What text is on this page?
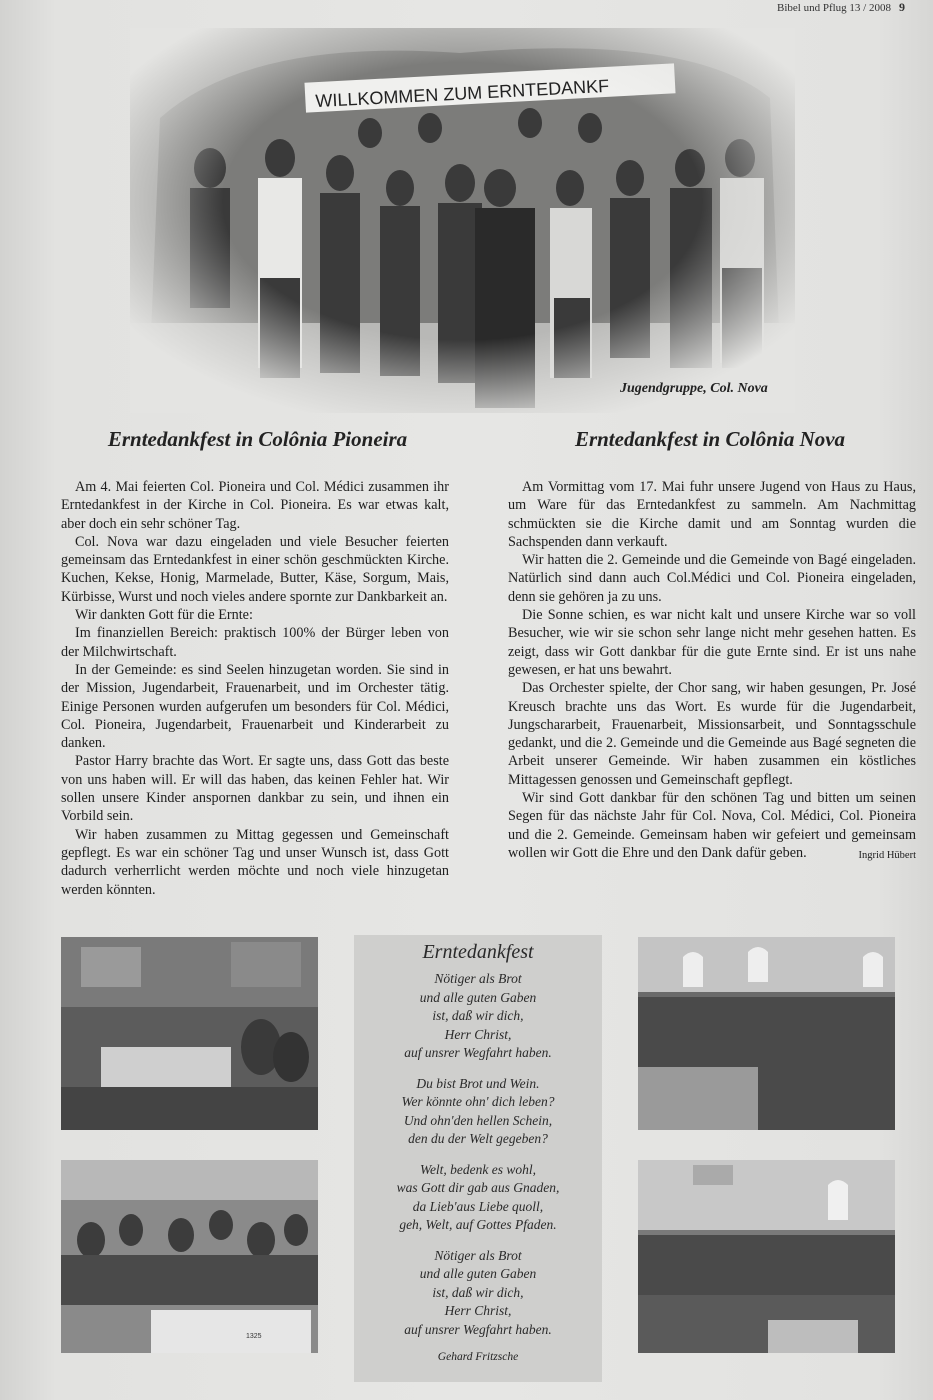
Bibel und Pflug 13 / 2008 9
Jugendgruppe, Col. Nova
Erntedankfest in Colônia Pioneira	Erntedankfest in Colônia Nova

Am 4. Mai feierten Col. Pioneira und Col. Médici zusammen ihr Erntedankfest in der Kirche in Col. Pioneira. Es war etwas kalt, aber doch ein sehr schöner Tag.

Col. Nova war dazu eingeladen und viele Besucher feierten gemeinsam das Erntedankfest in einer schön geschmückten Kirche. Kuchen, Kekse, Honig, Marmelade, Butter, Käse, Sorgum, Mais, Kürbisse, Wurst und noch vieles andere spornte zur Dankbarkeit an.

Wir dankten Gott für die Ernte:

Im finanziellen Bereich: praktisch 100% der Bürger leben von der Milchwirtschaft.

In der Gemeinde: es sind Seelen hinzugetan worden. Sie sind in der Mission, Jugendarbeit, Frauenarbeit, und im Orchester tätig. Einige Personen wurden aufgerufen um besonders für Col. Médici, Col. Pioneira, Jugendarbeit, Frauenarbeit und Kinderarbeit zu danken.

Pastor Harry brachte das Wort. Er sagte uns, dass Gott das beste von uns haben will. Er will das haben, das keinen Fehler hat. Wir sollen unsere Kinder anspornen dankbar zu sein, und ihnen ein Vorbild sein.

Wir haben zusammen zu Mittag gegessen und Gemeinschaft gepflegt. Es war ein schöner Tag und unser Wunsch ist, dass Gott dadurch verherrlicht werden möchte und noch viele hinzugetan werden könnten.

Am Vormittag vom 17. Mai fuhr unsere Jugend von Haus zu Haus, um Ware für das Erntedankfest zu sammeln. Am Nachmittag schmückten sie die Kirche damit und am Sonntag wurden die Sachspenden dann verkauft.

Wir hatten die 2. Gemeinde und die Gemeinde von Bagé eingeladen. Natürlich sind dann auch Col.Médici und Col. Pioneira eingeladen, denn sie gehören ja zu uns.

Die Sonne schien, es war nicht kalt und unsere Kirche war so voll Besucher, wie wir sie schon sehr lange nicht mehr gesehen hatten. Es zeigt, dass wir Gott dankbar für die gute Ernte sind. Er ist uns nahe gewesen, er hat uns bewahrt.

Das Orchester spielte, der Chor sang, wir haben gesungen, Pr. José Kreusch brachte uns das Wort. Es wurde für die Jugendarbeit, Jungschararbeit, Frauenarbeit, Missionsarbeit, und Sonntagsschule gedankt, und die 2. Gemeinde und die Gemeinde aus Bagé segneten die Arbeit unserer Gemeinde. Wir haben zusammen ein köstliches Mittagessen genossen und Gemeinschaft gepflegt.

Wir sind Gott dankbar für den schönen Tag und bitten um seinen Segen für das nächste Jahr für Col. Nova, Col. Médici, Col. Pioneira und die 2. Gemeinde. Gemeinsam haben wir gefeiert und gemeinsam wollen wir Gott die Ehre und den Dank dafür geben.	Ingrid Hübert

1325
Erntedankfest
Nötiger als Brot
und alle guten Gaben
ist, daß wir dich,
Herr Christ,
auf unsrer Wegfahrt haben.
Du bist Brot und Wein.
Wer könnte ohn' dich leben?
Und ohn'den hellen Schein,
den du der Welt gegeben?
Welt, bedenk es wohl,
was Gott dir gab aus Gnaden,
da Lieb'aus Liebe quoll,
geh, Welt, auf Gottes Pfaden.
Nötiger als Brot
und alle guten Gaben
ist, daß wir dich,
Herr Christ,
auf unsrer Wegfahrt haben.
Gehard Fritzsche
